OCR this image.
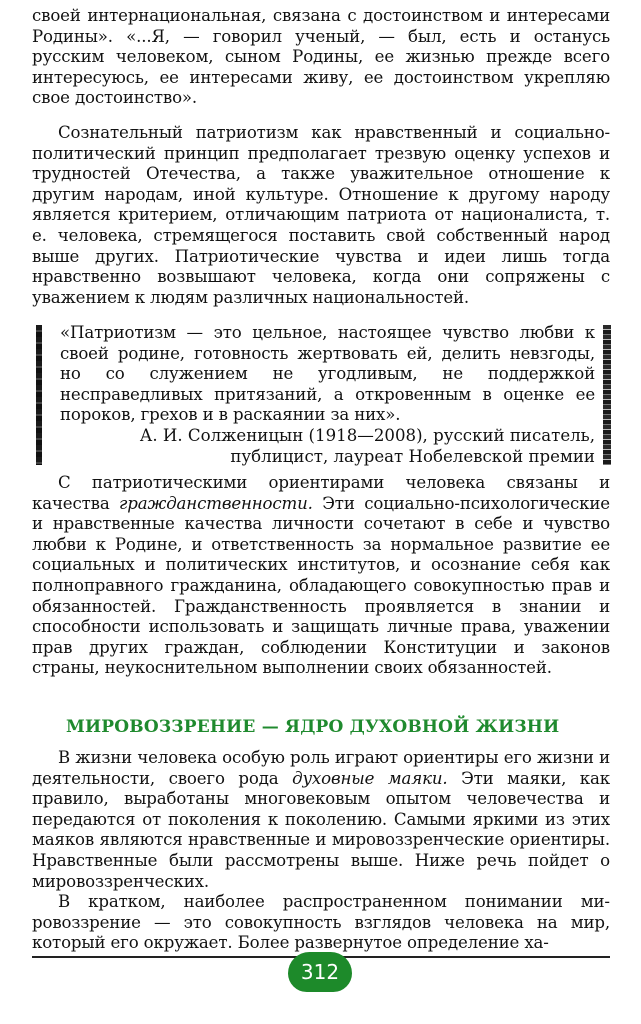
своей интернациональная, связана с достоинством и интересами Родины». «...Я, — говорил ученый, — был, есть и останусь русским человеком, сыном Родины, ее жизнью прежде всего интересуюсь, ее интересами живу, ее достоинством укрепляю свое достоинство».

Сознательный патриотизм как нравственный и социально-политический принцип предполагает трезвую оценку успехов и трудностей Отечества, а также уважительное отношение к другим народам, иной культуре. Отношение к другому народу является критерием, отличающим патриота от националиста, т. е. человека, стремящегося поставить свой собственный народ выше других. Патриотические чувства и идеи лишь тогда нравственно возвышают человека, когда они сопряжены с уважением к людям различных национальностей.

«Патриотизм — это цельное, настоящее чувство любви к своей родине, готовность жертвовать ей, делить невзгоды, но со служением не угодливым, не поддержкой несправедливых притязаний, а откровенным в оценке ее пороков, грехов и в раскаянии за них».

А. И. Солженицын (1918—2008), русский писатель,
публицист, лауреат Нобелевской премии

С патриотическими ориентирами человека связаны и качества гражданственности. Эти социально-психологические и нравственные качества личности сочетают в себе и чувство любви к Родине, и ответственность за нормальное развитие ее социальных и политических институтов, и осознание себя как полноправного гражданина, обладающего совокупностью прав и обязанностей. Гражданственность проявляется в знании и способности использовать и защищать личные права, уважении прав других граждан, соблюдении Конституции и законов страны, неукоснительном выполнении своих обязанностей.

МИРОВОЗЗРЕНИЕ — ЯДРО ДУХОВНОЙ ЖИЗНИ

В жизни человека особую роль играют ориентиры его жизни и деятельности, своего рода духовные маяки. Эти маяки, как правило, выработаны многовековым опытом человечества и передаются от поколения к поколению. Самыми яркими из этих маяков являются нравственные и мировоззренческие ориентиры. Нравственные были рассмотрены выше. Ниже речь пойдет о мировоззренческих.

В кратком, наиболее распространенном понимании мировоззрение — это совокупность взглядов человека на мир, который его окружает. Более развернутое определение ха-

312
